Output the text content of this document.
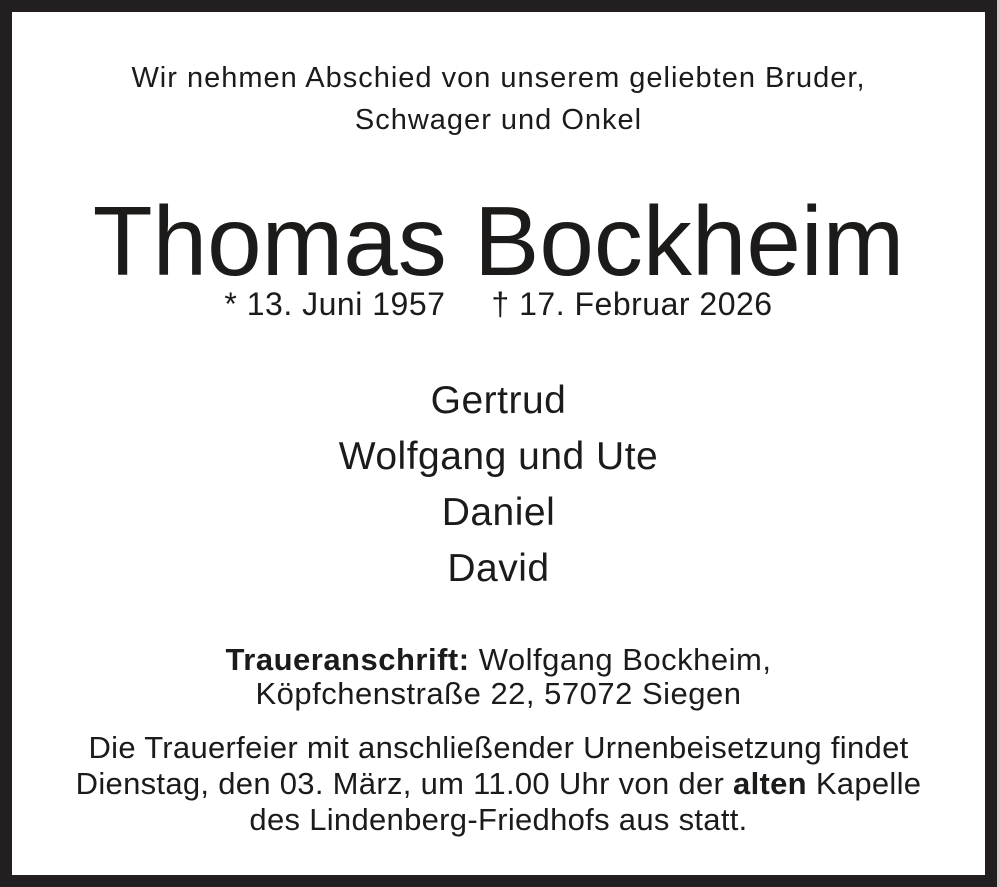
Wir nehmen Abschied von unserem geliebten Bruder,
Schwager und Onkel
Thomas Bockheim
* 13. Juni 1957 † 17. Februar 2026
Gertrud
Wolfgang und Ute
Daniel
David
Traueranschrift: Wolfgang Bockheim,
Köpfchenstraße 22, 57072 Siegen
Die Trauerfeier mit anschließender Urnenbeisetzung findet
Dienstag, den 03. März, um 11.00 Uhr von der alten Kapelle
des Lindenberg-Friedhofs aus statt.
